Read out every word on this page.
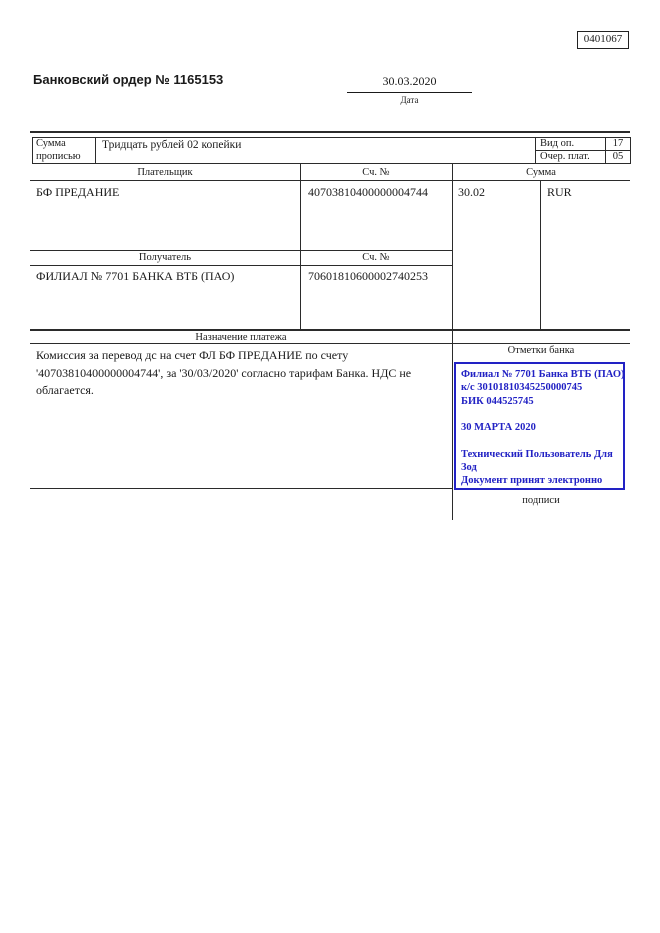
0401067
Банковский ордер № 1165153	30.03.2020
Дата
Сумма прописью
Тридцать рублей 02 копейки	Вид оп.	17
Очер. плат.	05
Плательщик	Сч. №	Сумма
БФ ПРЕДАНИЕ	40703810400000004744	30.02	RUR
Получатель	Сч. №
ФИЛИАЛ № 7701 БАНКА ВТБ (ПАО)	70601810600002740253
Назначение платежа
Комиссия за перевод дс на счет ФЛ БФ ПРЕДАНИЕ по счету '40703810400000004744', за '30/03/2020' согласно тарифам Банка. НДС не облагается.
Отметки банка
Филиал № 7701 Банка ВТБ (ПАО)
к/с 30101810345250000745
БИК 044525745
30 МАРТА 2020
Технический Пользователь Для
Зод
Документ принят электронно
подписи
